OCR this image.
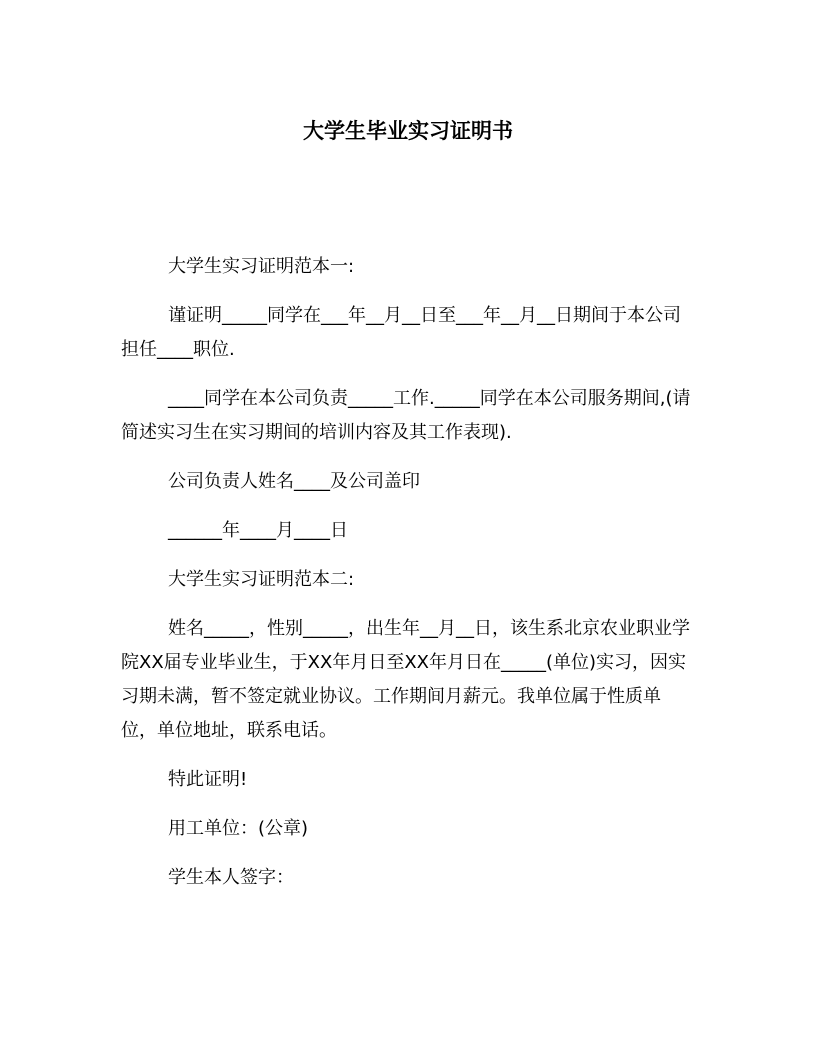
大学生毕业实习证明书

大学生实习证明范本一:

谨证明_____同学在___年__月__日至___年__月__日期间于本公司担任____职位.

____同学在本公司负责_____工作._____同学在本公司服务期间,(请简述实习生在实习期间的培训内容及其工作表现).

公司负责人姓名____及公司盖印

______年____月____日

大学生实习证明范本二:

姓名_____，性别_____，出生年__月__日，该生系北京农业职业学院XX届专业毕业生，于XX年月日至XX年月日在_____(单位)实习，因实习期未满，暂不签定就业协议。工作期间月薪元。我单位属于性质单位，单位地址，联系电话。

特此证明!

用工单位：(公章)

学生本人签字：
